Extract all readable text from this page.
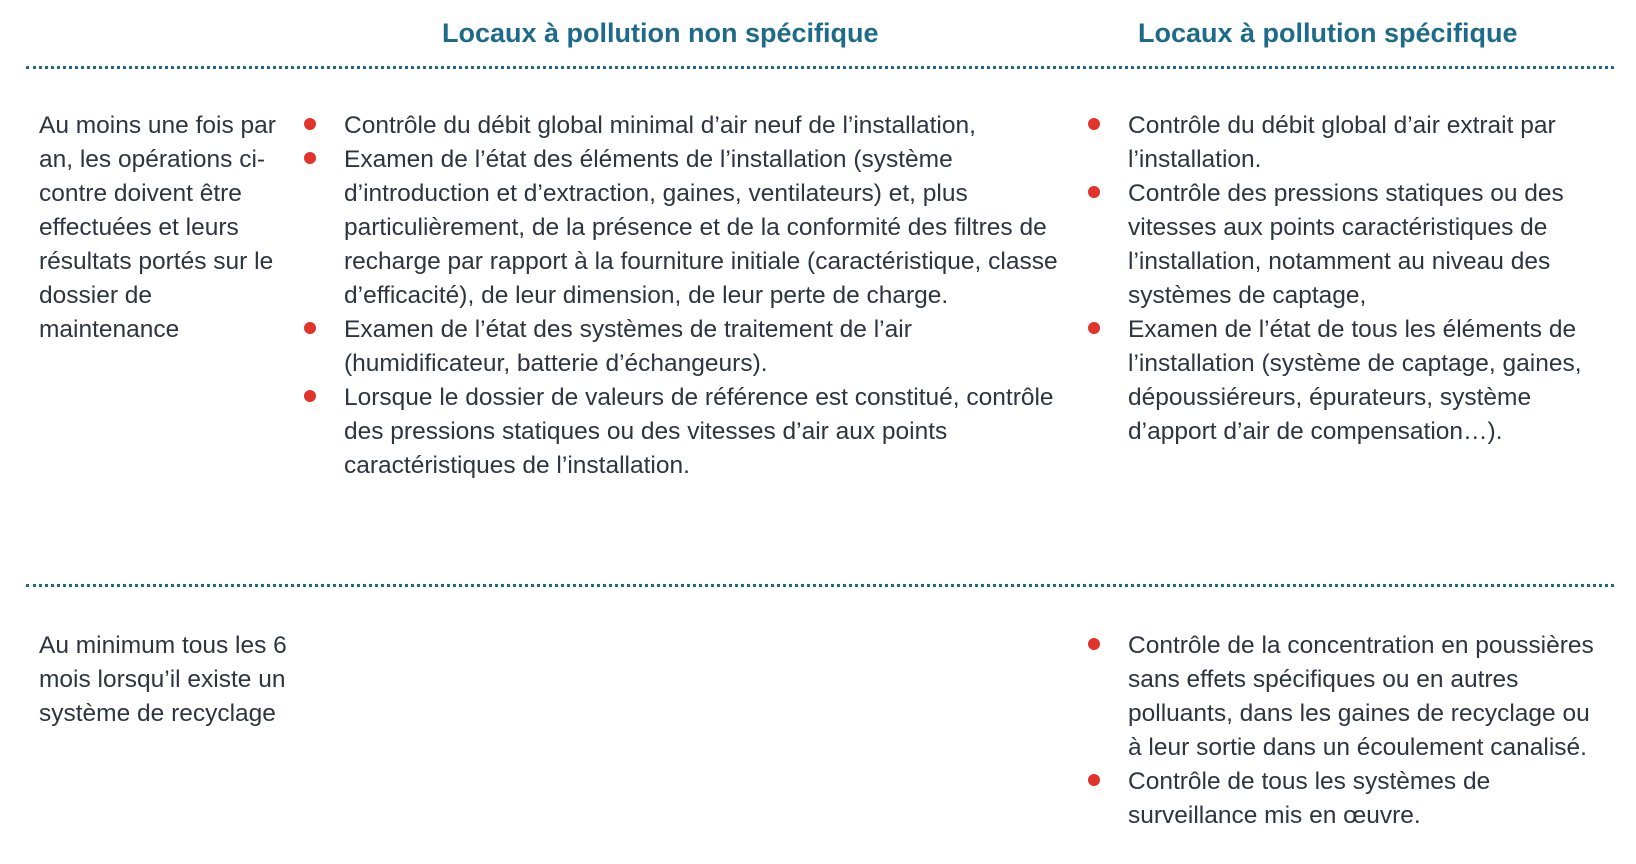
Locaux à pollution non spécifique	Locaux à pollution spécifique
Au moins une fois par an, les opérations ci-contre doivent être effectuées et leurs résultats portés sur le dossier de maintenance
Contrôle du débit global minimal d’air neuf de l’installation,
Examen de l’état des éléments de l’installation (système d’introduction et d’extraction, gaines, ventilateurs) et, plus particulièrement, de la présence et de la conformité des filtres de recharge par rapport à la fourniture initiale (caractéristique, classe d’efficacité), de leur dimension, de leur perte de charge.
Examen de l’état des systèmes de traitement de l’air (humidificateur, batterie d’échangeurs).
Lorsque le dossier de valeurs de référence est constitué, contrôle des pressions statiques ou des vitesses d’air aux points caractéristiques de l’installation.
Contrôle du débit global d’air extrait par l’installation.
Contrôle des pressions statiques ou des vitesses aux points caractéristiques de l’installation, notamment au niveau des systèmes de captage,
Examen de l’état de tous les éléments de l’installation (système de captage, gaines, dépoussiéreurs, épurateurs, système d’apport d’air de compensation…).
Au minimum tous les 6 mois lorsqu’il existe un système de recyclage
Contrôle de la concentration en poussières sans effets spécifiques ou en autres polluants, dans les gaines de recyclage ou à leur sortie dans un écoulement canalisé.
Contrôle de tous les systèmes de surveillance mis en œuvre.
